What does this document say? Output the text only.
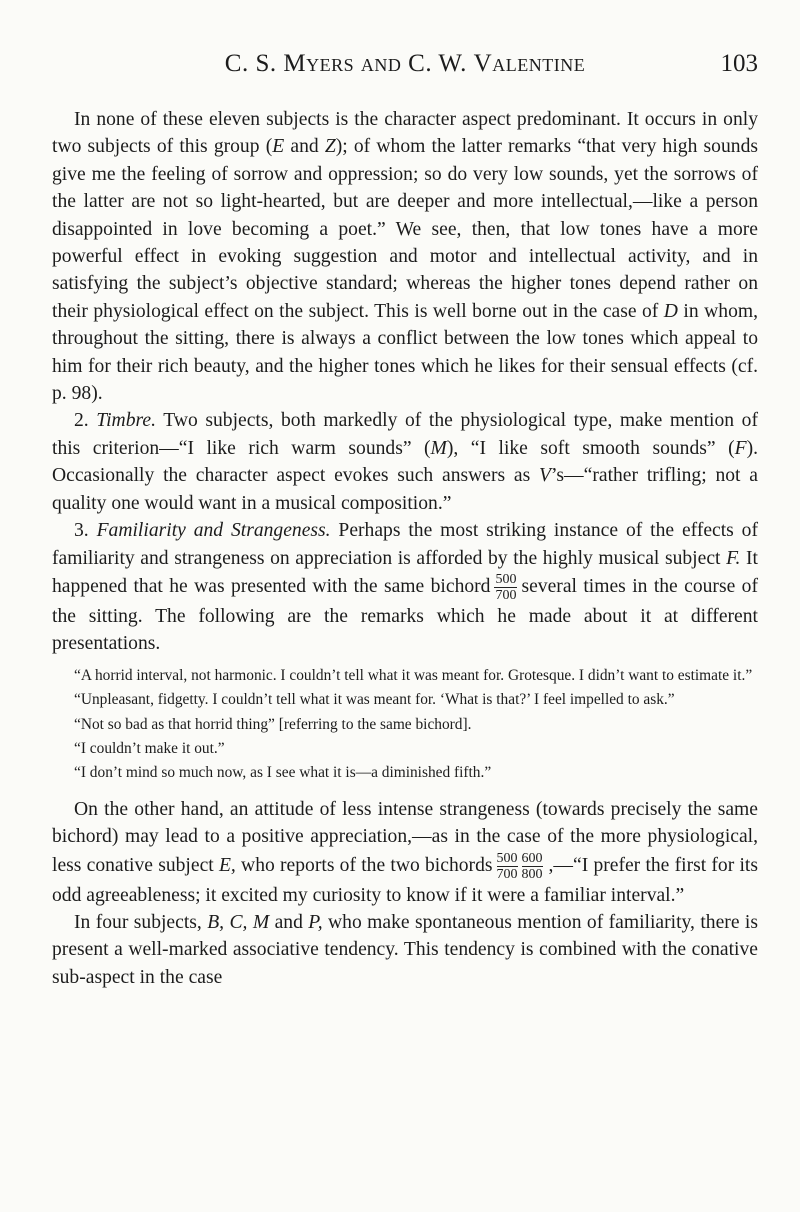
C. S. Myers and C. W. Valentine	103

In none of these eleven subjects is the character aspect predominant. It occurs in only two subjects of this group (E and Z); of whom the latter remarks “that very high sounds give me the feeling of sorrow and oppression; so do very low sounds, yet the sorrows of the latter are not so light-hearted, but are deeper and more intellectual,—like a person disappointed in love becoming a poet.” We see, then, that low tones have a more powerful effect in evoking suggestion and motor and intellectual activity, and in satisfying the subject’s objective standard; whereas the higher tones depend rather on their physiological effect on the subject. This is well borne out in the case of D in whom, throughout the sitting, there is always a conflict between the low tones which appeal to him for their rich beauty, and the higher tones which he likes for their sensual effects (cf. p. 98).

2. Timbre. Two subjects, both markedly of the physiological type, make mention of this criterion—“I like rich warm sounds” (M), “I like soft smooth sounds” (F). Occasionally the character aspect evokes such answers as V’s—“rather trifling; not a quality one would want in a musical composition.”

3. Familiarity and Strangeness. Perhaps the most striking instance of the effects of familiarity and strangeness on appreciation is afforded by the highly musical subject F. It happened that he was presented with the same bichord $\frac{500}{700}$ several times in the course of the sitting. The following are the remarks which he made about it at different presentations.

“A horrid interval, not harmonic. I couldn’t tell what it was meant for. Grotesque. I didn’t want to estimate it.”

“Unpleasant, fidgetty. I couldn’t tell what it was meant for. ‘What is that?’ I feel impelled to ask.”

“Not so bad as that horrid thing” [referring to the same bichord].

“I couldn’t make it out.”

“I don’t mind so much now, as I see what it is—a diminished fifth.”

On the other hand, an attitude of less intense strangeness (towards precisely the same bichord) may lead to a positive appreciation,—as in the case of the more physiological, less conative subject E, who reports of the two bichords $\frac{500}{700} \frac{600}{800}$ ,—“I prefer the first for its odd agreeableness; it excited my curiosity to know if it were a familiar interval.”

In four subjects, B, C, M and P, who make spontaneous mention of familiarity, there is present a well-marked associative tendency. This tendency is combined with the conative sub-aspect in the case
